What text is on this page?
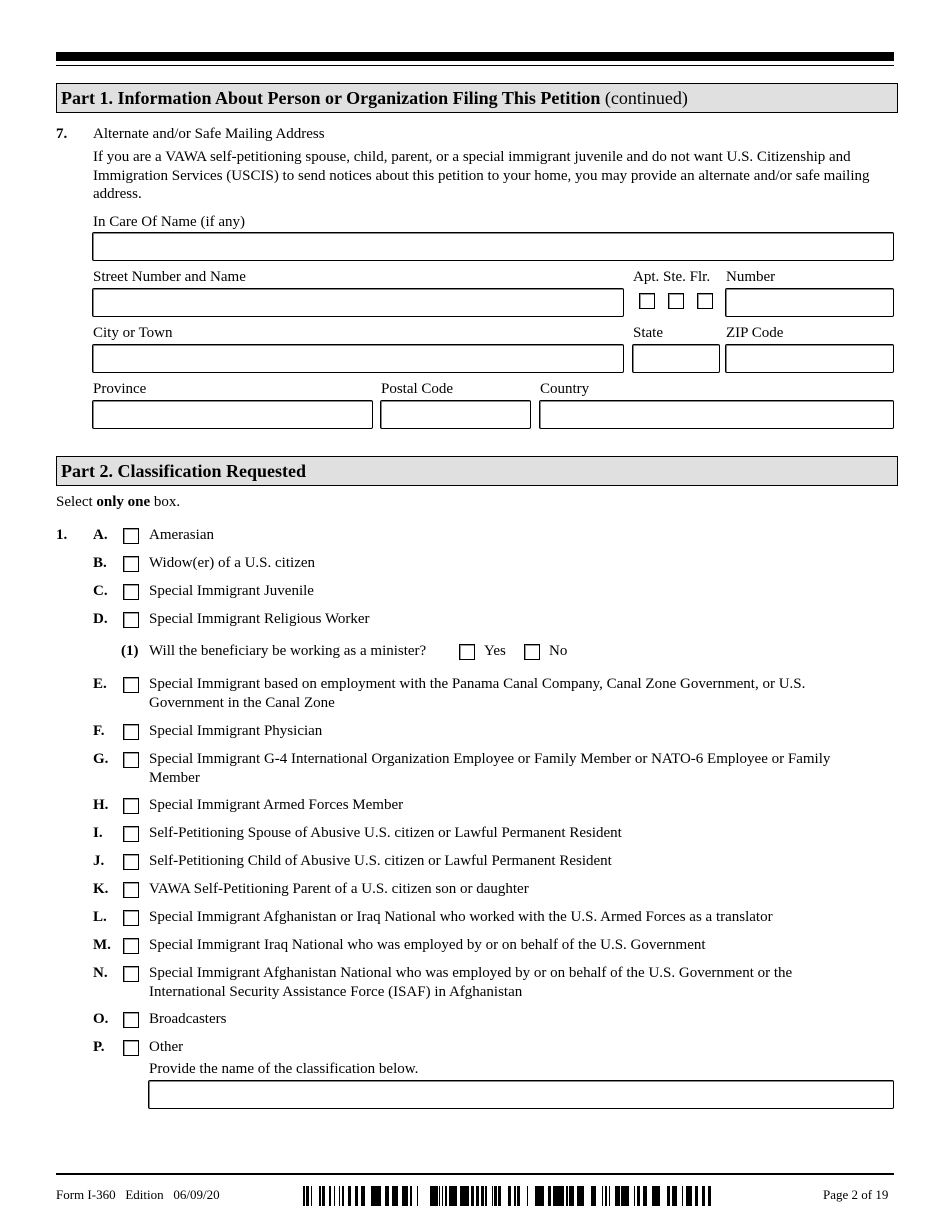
Part 1. Information About Person or Organization Filing This Petition (continued)
7. Alternate and/or Safe Mailing Address
If you are a VAWA self-petitioning spouse, child, parent, or a special immigrant juvenile and do not want U.S. Citizenship and Immigration Services (USCIS) to send notices about this petition to your home, you may provide an alternate and/or safe mailing address.
In Care Of Name (if any)
Street Number and Name	Apt. Ste. Flr. Number
City or Town	State	ZIP Code
Province	Postal Code	Country
Part 2. Classification Requested
Select only one box.
1. A.	Amerasian
B.	Widow(er) of a U.S. citizen
C.	Special Immigrant Juvenile
D.	Special Immigrant Religious Worker
(1) Will the beneficiary be working as a minister?	Yes	No
E.	Special Immigrant based on employment with the Panama Canal Company, Canal Zone Government, or U.S. Government in the Canal Zone
F.	Special Immigrant Physician
G.	Special Immigrant G-4 International Organization Employee or Family Member or NATO-6 Employee or Family Member
H.	Special Immigrant Armed Forces Member
I.	Self-Petitioning Spouse of Abusive U.S. citizen or Lawful Permanent Resident
J.	Self-Petitioning Child of Abusive U.S. citizen or Lawful Permanent Resident
K.	VAWA Self-Petitioning Parent of a U.S. citizen son or daughter
L.	Special Immigrant Afghanistan or Iraq National who worked with the U.S. Armed Forces as a translator
M.	Special Immigrant Iraq National who was employed by or on behalf of the U.S. Government
N.	Special Immigrant Afghanistan National who was employed by or on behalf of the U.S. Government or the International Security Assistance Force (ISAF) in Afghanistan
O.	Broadcasters
P.	Other
Provide the name of the classification below.
Form I-360   Edition   06/09/20	Page 2 of 19
